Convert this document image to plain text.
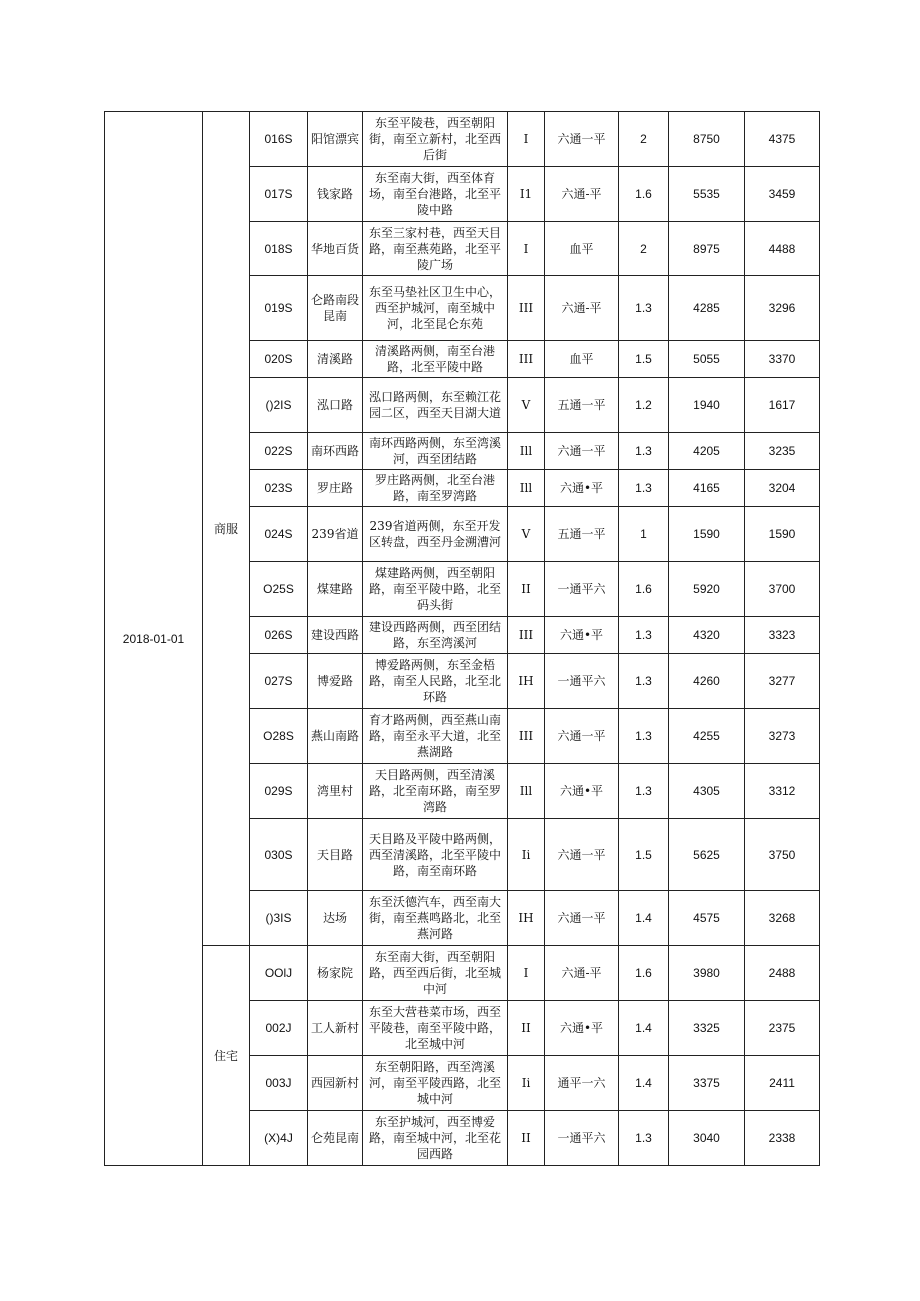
2018-01-01	商服	016S	阳馆漂宾	东至平陵巷，西至朝阳街，南至立新村，北至西后街	I	六通一平	2	8750	4375
		017S	钱家路	东至南大街，西至体育场，南至台港路，北至平陵中路	I1	六通-平	1.6	5535	3459
		018S	华地百货	东至三家村巷，西至天目路，南至燕苑路，北至平陵广场	I	血平	2	8975	4488
		019S	仑路南段昆南	东至马垫社区卫生中心，西至护城河，南至城中河，北至昆仑东苑	III	六通-平	1.3	4285	3296
		020S	清溪路	清溪路两侧，南至台港路，北至平陵中路	III	血平	1.5	5055	3370
		()2IS	泓口路	泓口路两侧，东至赖江花园二区，西至天目湖大道	V	五通一平	1.2	1940	1617
		022S	南环西路	南环西路两侧，东至湾溪河，西至团结路	Ill	六通一平	1.3	4205	3235
		023S	罗庄路	罗庄路两侧，北至台港路，南至罗湾路	Ill	六通•平	1.3	4165	3204
		024S	239省道	239省道两侧，东至开发区转盘，西至丹金溯漕河	V	五通一平	1	1590	1590
		O25S	煤建路	煤建路两侧，西至朝阳路，南至平陵中路，北至码头街	II	一通平六	1.6	5920	3700
		026S	建设西路	建设西路两侧，西至团结路，东至湾溪河	III	六通•平	1.3	4320	3323
		027S	博爱路	博爱路两侧，东至金梧路，南至人民路，北至北环路	IH	一通平六	1.3	4260	3277
		O28S	燕山南路	育才路两侧，西至燕山南路，南至永平大道，北至燕湖路	III	六通一平	1.3	4255	3273
		029S	湾里村	天目路两侧，西至清溪路，北至南环路，南至罗湾路	Ill	六通•平	1.3	4305	3312
		030S	天目路	天目路及平陵中路两侧，西至清溪路，北至平陵中路，南至南环路	Ii	六通一平	1.5	5625	3750
		()3IS	达场	东至沃德汽车，西至南大街，南至燕鸣路北，北至燕河路	IH	六通一平	1.4	4575	3268
	住宅	OOlJ	杨家院	东至南大街，西至朝阳路，西至西后街，北至城中河	I	六通-平	1.6	3980	2488
		002J	工人新村	东至大营巷菜市场，西至平陵巷，南至平陵中路，北至城中河	II	六通•平	1.4	3325	2375
		003J	西园新村	东至朝阳路，西至湾溪河，南至平陵西路，北至城中河	Ii	通平一六	1.4	3375	2411
		(X)4J	仑苑昆南	东至护城河，西至博爱路，南至城中河，北至花园西路	II	一通平六	1.3	3040	2338
